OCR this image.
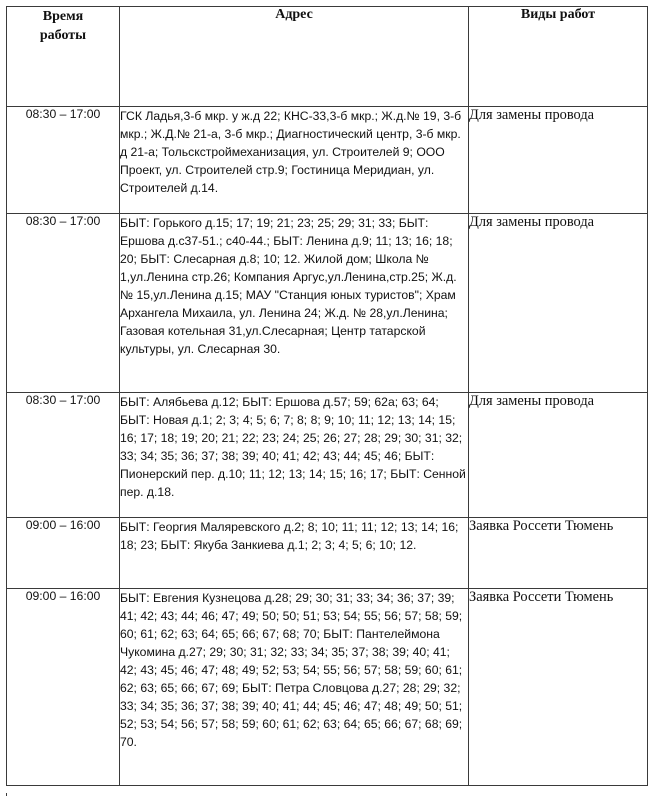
Время
работы	Адрес	Виды работ
08:30 – 17:00	ГСК Ладья,3-б мкр. у ж.д 22; КНС-33,3-б мкр.; Ж.д.№ 19, 3-б мкр.; Ж.Д.№ 21-а, 3-б мкр.; Диагностический центр, 3-б мкр. д 21-а; Тольскстроймеханизация, ул. Строителей 9; ООО Проект, ул. Строителей стр.9; Гостиница Меридиан, ул. Строителей д.14.	Для замены провода
08:30 – 17:00	БЫТ: Горького д.15; 17; 19; 21; 23; 25; 29; 31; 33; БЫТ: Ершова д.с37-51.; с40-44.; БЫТ: Ленина д.9; 11; 13; 16; 18; 20; БЫТ: Слесарная д.8; 10; 12. Жилой дом; Школа № 1,ул.Ленина стр.26; Компания Аргус,ул.Ленина,стр.25; Ж.д. № 15,ул.Ленина д.15; МАУ "Станция юных туристов"; Храм Архангела Михаила, ул. Ленина 24; Ж.д. № 28,ул.Ленина; Газовая котельная 31,ул.Слесарная; Центр татарской культуры, ул. Слесарная 30.	Для замены провода
08:30 – 17:00	БЫТ: Алябьева д.12; БЫТ: Ершова д.57; 59; 62а; 63; 64; БЫТ: Новая д.1; 2; 3; 4; 5; 6; 7; 8; 8; 9; 10; 11; 12; 13; 14; 15; 16; 17; 18; 19; 20; 21; 22; 23; 24; 25; 26; 27; 28; 29; 30; 31; 32; 33; 34; 35; 36; 37; 38; 39; 40; 41; 42; 43; 44; 45; 46; БЫТ: Пионерский пер. д.10; 11; 12; 13; 14; 15; 16; 17; БЫТ: Сенной пер. д.18.	Для замены провода
09:00 – 16:00	БЫТ: Георгия Маляревского д.2; 8; 10; 11; 11; 12; 13; 14; 16; 18; 23; БЫТ: Якуба Занкиева д.1; 2; 3; 4; 5; 6; 10; 12.	Заявка Россети Тюмень
09:00 – 16:00	БЫТ: Евгения Кузнецова д.28; 29; 30; 31; 33; 34; 36; 37; 39; 41; 42; 43; 44; 46; 47; 49; 50; 50; 51; 53; 54; 55; 56; 57; 58; 59; 60; 61; 62; 63; 64; 65; 66; 67; 68; 70; БЫТ: Пантелеймона Чукомина д.27; 29; 30; 31; 32; 33; 34; 35; 37; 38; 39; 40; 41; 42; 43; 45; 46; 47; 48; 49; 52; 53; 54; 55; 56; 57; 58; 59; 60; 61; 62; 63; 65; 66; 67; 69; БЫТ: Петра Словцова д.27; 28; 29; 32; 33; 34; 35; 36; 37; 38; 39; 40; 41; 44; 45; 46; 47; 48; 49; 50; 51; 52; 53; 54; 56; 57; 58; 59; 60; 61; 62; 63; 64; 65; 66; 67; 68; 69; 70.	Заявка Россети Тюмень
